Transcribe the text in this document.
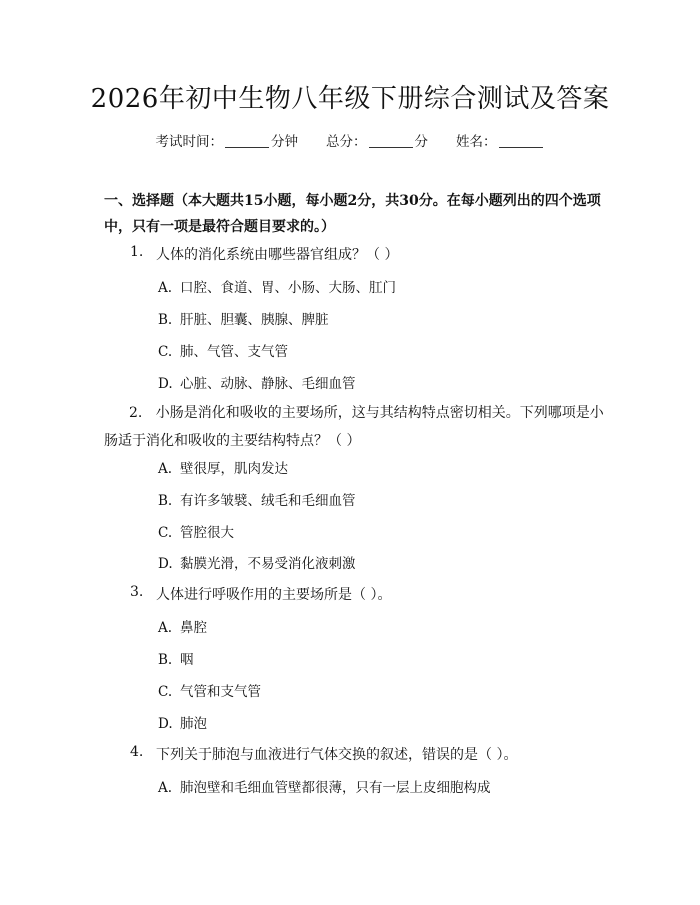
2026年初中生物八年级下册综合测试及答案
考试时间：	分钟 总分：	分 姓名：
一、选择题（本大题共15小题，每小题2分，共30分。在每小题列出的四个选项中，只有一项是最符合题目要求的。）
1. 人体的消化系统由哪些器官组成？（ ）
A. 口腔、食道、胃、小肠、大肠、肛门
B. 肝脏、胆囊、胰腺、脾脏
C. 肺、气管、支气管
D. 心脏、动脉、静脉、毛细血管
2. 小肠是消化和吸收的主要场所，这与其结构特点密切相关。下列哪项是小肠适于消化和吸收的主要结构特点？（ ）
A. 壁很厚，肌肉发达
B. 有许多皱襞、绒毛和毛细血管
C. 管腔很大
D. 黏膜光滑，不易受消化液刺激
3. 人体进行呼吸作用的主要场所是（ ）。
A. 鼻腔
B. 咽
C. 气管和支气管
D. 肺泡
4. 下列关于肺泡与血液进行气体交换的叙述，错误的是（ ）。
A. 肺泡壁和毛细血管壁都很薄，只有一层上皮细胞构成
